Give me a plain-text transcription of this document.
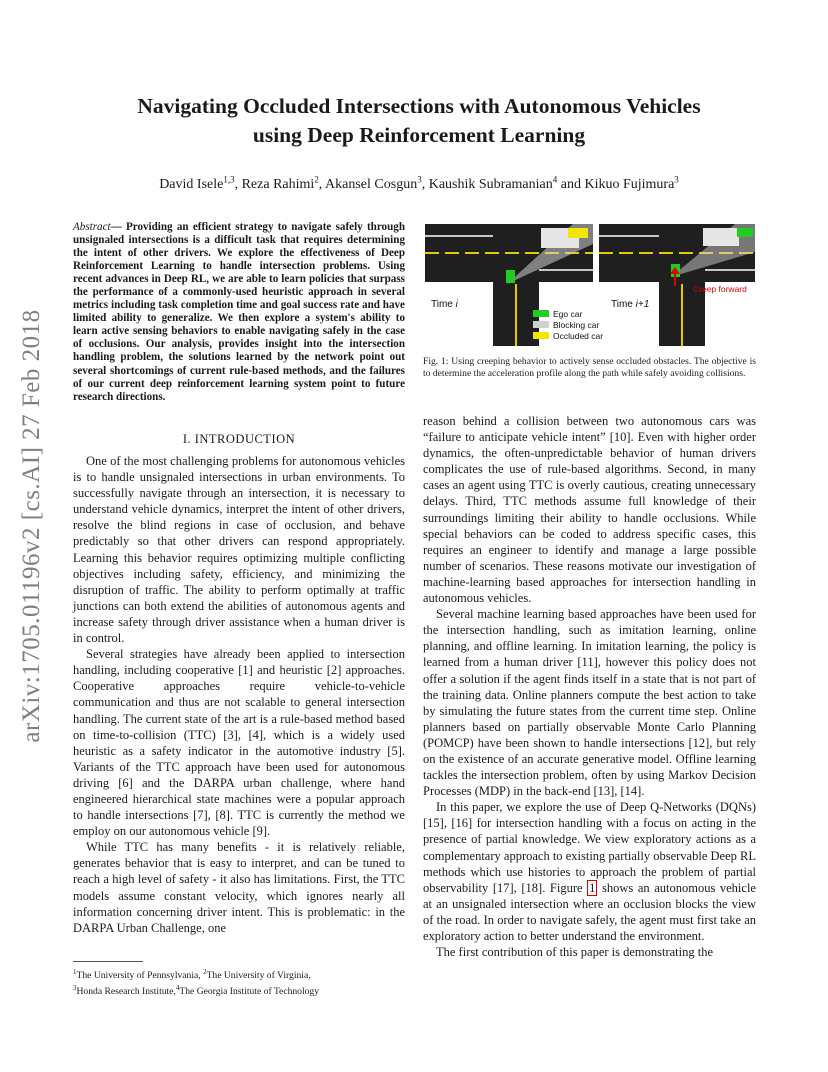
Navigating Occluded Intersections with Autonomous Vehicles
using Deep Reinforcement Learning
David Isele$^{1,3}$, Reza Rahimi$^2$, Akansel Cosgun$^3$, Kaushik Subramanian$^4$ and Kikuo Fujimura$^3$
arXiv:1705.01196v2 [cs.AI] 27 Feb 2018
Abstract— Providing an efficient strategy to navigate safely through unsignaled intersections is a difficult task that requires determining the intent of other drivers. We explore the effectiveness of Deep Reinforcement Learning to handle intersection problems. Using recent advances in Deep RL, we are able to learn policies that surpass the performance of a commonly-used heuristic approach in several metrics including task completion time and goal success rate and have limited ability to generalize. We then explore a system's ability to learn active sensing behaviors to enable navigating safely in the case of occlusions. Our analysis, provides insight into the intersection handling problem, the solutions learned by the network point out several shortcomings of current rule-based methods, and the failures of our current deep reinforcement learning system point to future research directions.
I. INTRODUCTION

One of the most challenging problems for autonomous vehicles is to handle unsignaled intersections in urban environments. To successfully navigate through an intersection, it is necessary to understand vehicle dynamics, interpret the intent of other drivers, resolve the blind regions in case of occlusion, and behave predictably so that other drivers can respond appropriately. Learning this behavior requires optimizing multiple conflicting objectives including safety, efficiency, and minimizing the disruption of traffic. The ability to perform optimally at traffic junctions can both extend the abilities of autonomous agents and increase safety through driver assistance when a human driver is in control.

Several strategies have already been applied to intersection handling, including cooperative [1] and heuristic [2] approaches. Cooperative approaches require vehicle-to-vehicle communication and thus are not scalable to general intersection handling. The current state of the art is a rule-based method based on time-to-collision (TTC) [3], [4], which is a widely used heuristic as a safety indicator in the automotive industry [5]. Variants of the TTC approach have been used for autonomous driving [6] and the DARPA urban challenge, where hand engineered hierarchical state machines were a popular approach to handle intersections [7], [8]. TTC is currently the method we employ on our autonomous vehicle [9].

While TTC has many benefits - it is relatively reliable, generates behavior that is easy to interpret, and can be tuned to reach a high level of safety - it also has limitations. First, the TTC models assume constant velocity, which ignores nearly all information concerning driver intent. This is problematic: in the DARPA Urban Challenge, one

$^1$The University of Pennsylvania, $^2$The University of Virginia,
$^3$Honda Research Institute,$^4$The Georgia Institute of Technology
Time i
Creep forward
Time i+1
Ego car
Blocking car
Occluded car
Fig. 1: Using creeping behavior to actively sense occluded obstacles. The objective is to determine the acceleration profile along the path while safely avoiding collisions.

reason behind a collision between two autonomous cars was “failure to anticipate vehicle intent” [10]. Even with higher order dynamics, the often-unpredictable behavior of human drivers complicates the use of rule-based algorithms. Second, in many cases an agent using TTC is overly cautious, creating unnecessary delays. Third, TTC methods assume full knowledge of their surroundings limiting their ability to handle occlusions. While special behaviors can be coded to address specific cases, this requires an engineer to identify and manage a large possible number of scenarios. These reasons motivate our investigation of machine-learning based approaches for intersection handling in autonomous vehicles.

Several machine learning based approaches have been used for the intersection handling, such as imitation learning, online planning, and offline learning. In imitation learning, the policy is learned from a human driver [11], however this policy does not offer a solution if the agent finds itself in a state that is not part of the training data. Online planners compute the best action to take by simulating the future states from the current time step. Online planners based on partially observable Monte Carlo Planning (POMCP) have been shown to handle intersections [12], but rely on the existence of an accurate generative model. Offline learning tackles the intersection problem, often by using Markov Decision Processes (MDP) in the back-end [13], [14].

In this paper, we explore the use of Deep Q-Networks (DQNs) [15], [16] for intersection handling with a focus on acting in the presence of partial knowledge. We view exploratory actions as a complementary approach to existing partially observable Deep RL methods which use histories to approach the problem of partial observability [17], [18]. Figure 1 shows an autonomous vehicle at an unsignaled intersection where an occlusion blocks the view of the road. In order to navigate safely, the agent must first take an exploratory action to better understand the environment.

The first contribution of this paper is demonstrating the
